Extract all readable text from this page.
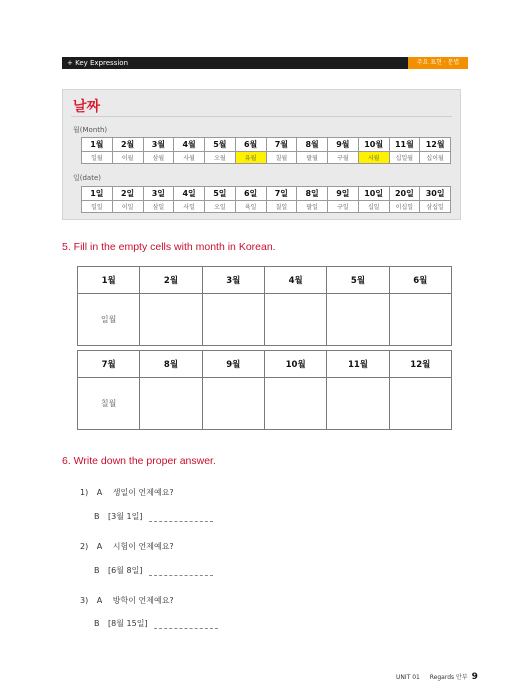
+ Key Expression	주요 표현 · 문법
날짜
월(Month)
1월	2월	3월	4월	5월	6월	7월	8월	9월	10월	11월	12월
일월	이월	삼월	사월	오월	유월	칠월	팔월	구월	시월	십일월	십이월
일(date)
1일	2일	3일	4일	5일	6일	7일	8일	9일	10일	20일	30일
일일	이일	삼일	사일	오일	육일	칠일	팔일	구일	십일	이십일	삼십일
5. Fill in the empty cells with month in Korean.
1월	2월	3월	4월	5월	6월
일월					
7월	8월	9월	10월	11월	12월
칠월					
6. Write down the proper answer.
1) A 생일이 언제예요?
B [3월 1일]
2) A 시험이 언제예요?
B [6월 8일]
3) A 방학이 언제예요?
B [8월 15일]
UNIT 01 Regards 안부 9
